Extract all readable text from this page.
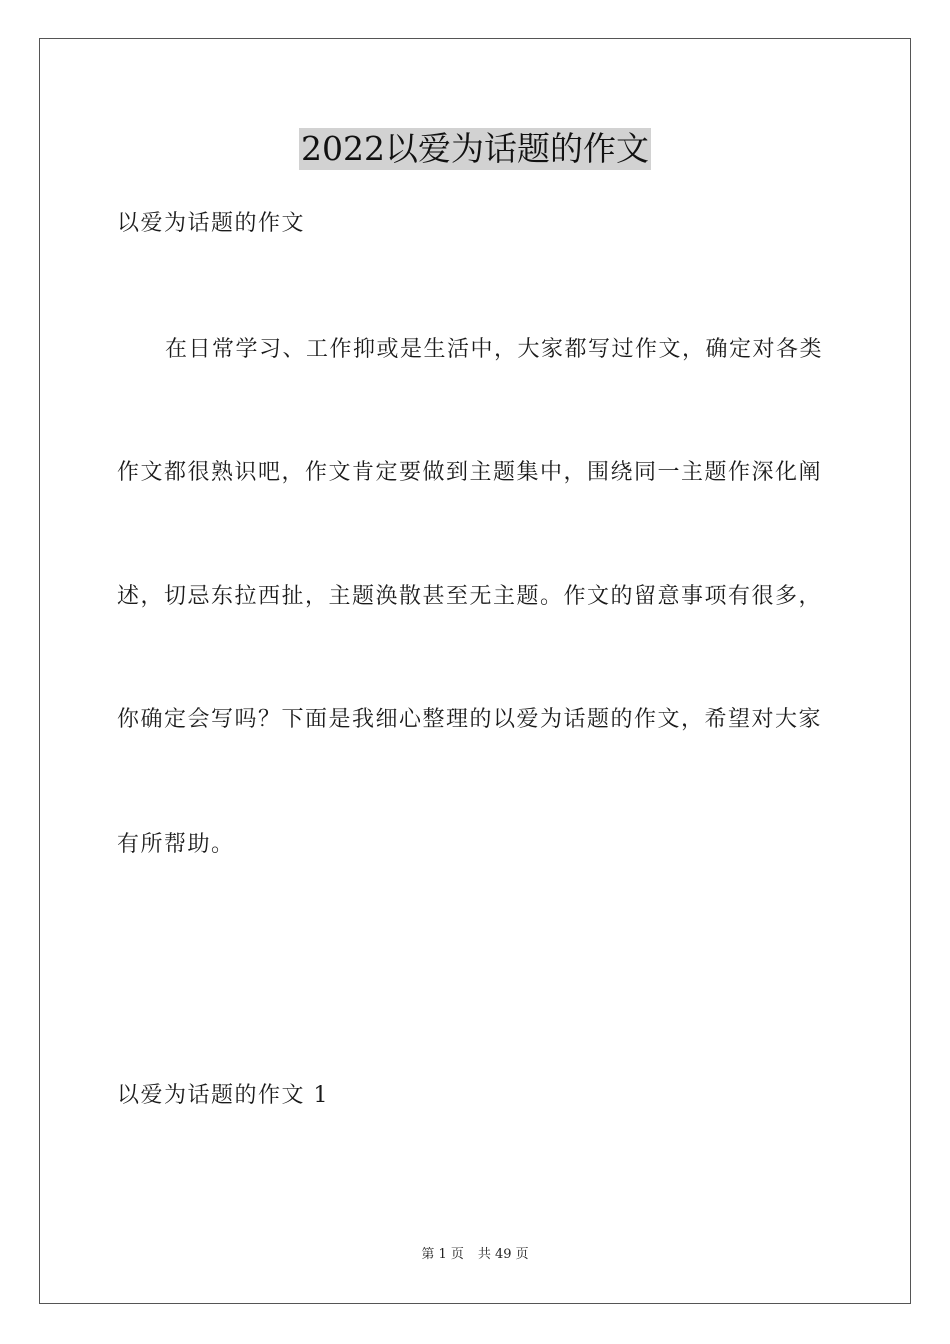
2022以爱为话题的作文
以爱为话题的作文
在日常学习、工作抑或是生活中，大家都写过作文，确定对各类
作文都很熟识吧，作文肯定要做到主题集中，围绕同一主题作深化阐
述，切忌东拉西扯，主题涣散甚至无主题。作文的留意事项有很多，
你确定会写吗？下面是我细心整理的以爱为话题的作文，希望对大家
有所帮助。
以爱为话题的作文 1
第 1 页 共 49 页
